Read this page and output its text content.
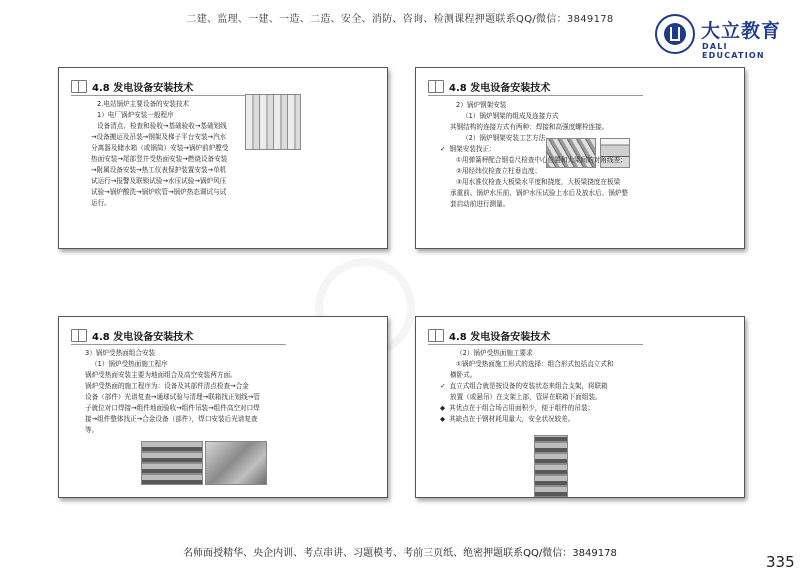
二建、监理、一建、一造、二造、安全、消防、咨询、检测课程押题联系QQ/微信：3849178
大立教育
DALI EDUCATION
4.8 发电设备安装技术

2.电站锅炉主要设备的安装技术

1）电厂锅炉安装一般程序

设备清点、检查和验收→基础验收→基础划线

→设备搬运及吊装→钢架及梯子平台安装→汽水

分离器及储水箱（或锅筒）安装→锅炉前炉膛受

热面安装→尾部竖井受热面安装→燃烧设备安装

→附属设备安装→热工仪表保护装置安装→单机

试运行→报警及联锁试验→水压试验→锅炉风压

试验→锅炉酸洗→锅炉吹管→锅炉热态调试与试

运行。

4.8 发电设备安装技术

2）锅炉钢架安装

（1）锅炉钢架的组成及连接方式

其钢结构的连接方式有两种：焊接和高强度螺栓连接。

（2）锅炉钢架安装工艺方法

✓ 钢架安装找正：

①用弹簧秤配合钢卷尺检查中心位置和大梁间的对角线差；

②用经纬仪检查立柱垂直度；

③用水准仪检查大板梁水平度和挠度，大板梁挠度在板梁

承重前、锅炉水压前、锅炉水压试验上水后及放水后、锅炉整

套启动前进行测量。

4.8 发电设备安装技术

3）锅炉受热面组合安装

（1）锅炉受热面施工程序

锅炉受热面安装主要为地面组合及高空安装两方面。

锅炉受热面的施工程序为：设备及其部件清点检查→合金

设备（部件）光谱复查→通球试验与清理→联箱找正划线→管

子就位对口焊接→组件地面验收→组件吊装→组件高空对口焊

接→组件整体找正→合金设备（部件），焊口安装后光谱复查

等。

4.8 发电设备安装技术

（2）锅炉受热面施工要求

①锅炉受热面施工形式的选择：组合形式包括直立式和

横卧式。

✓ 直立式组合就是按设备的安装状态来组合支架，将联箱

放置（或悬吊）在支架上部，管屏在联箱下面组装。

◆ 其优点在于组合场占用面积少，便于组件的吊装；

◆ 其缺点在于钢材耗用量大，安全状况较差。

名师面授精华、央企内训、考点串讲、习题模考、考前三页纸、绝密押题联系QQ/微信：3849178	335
